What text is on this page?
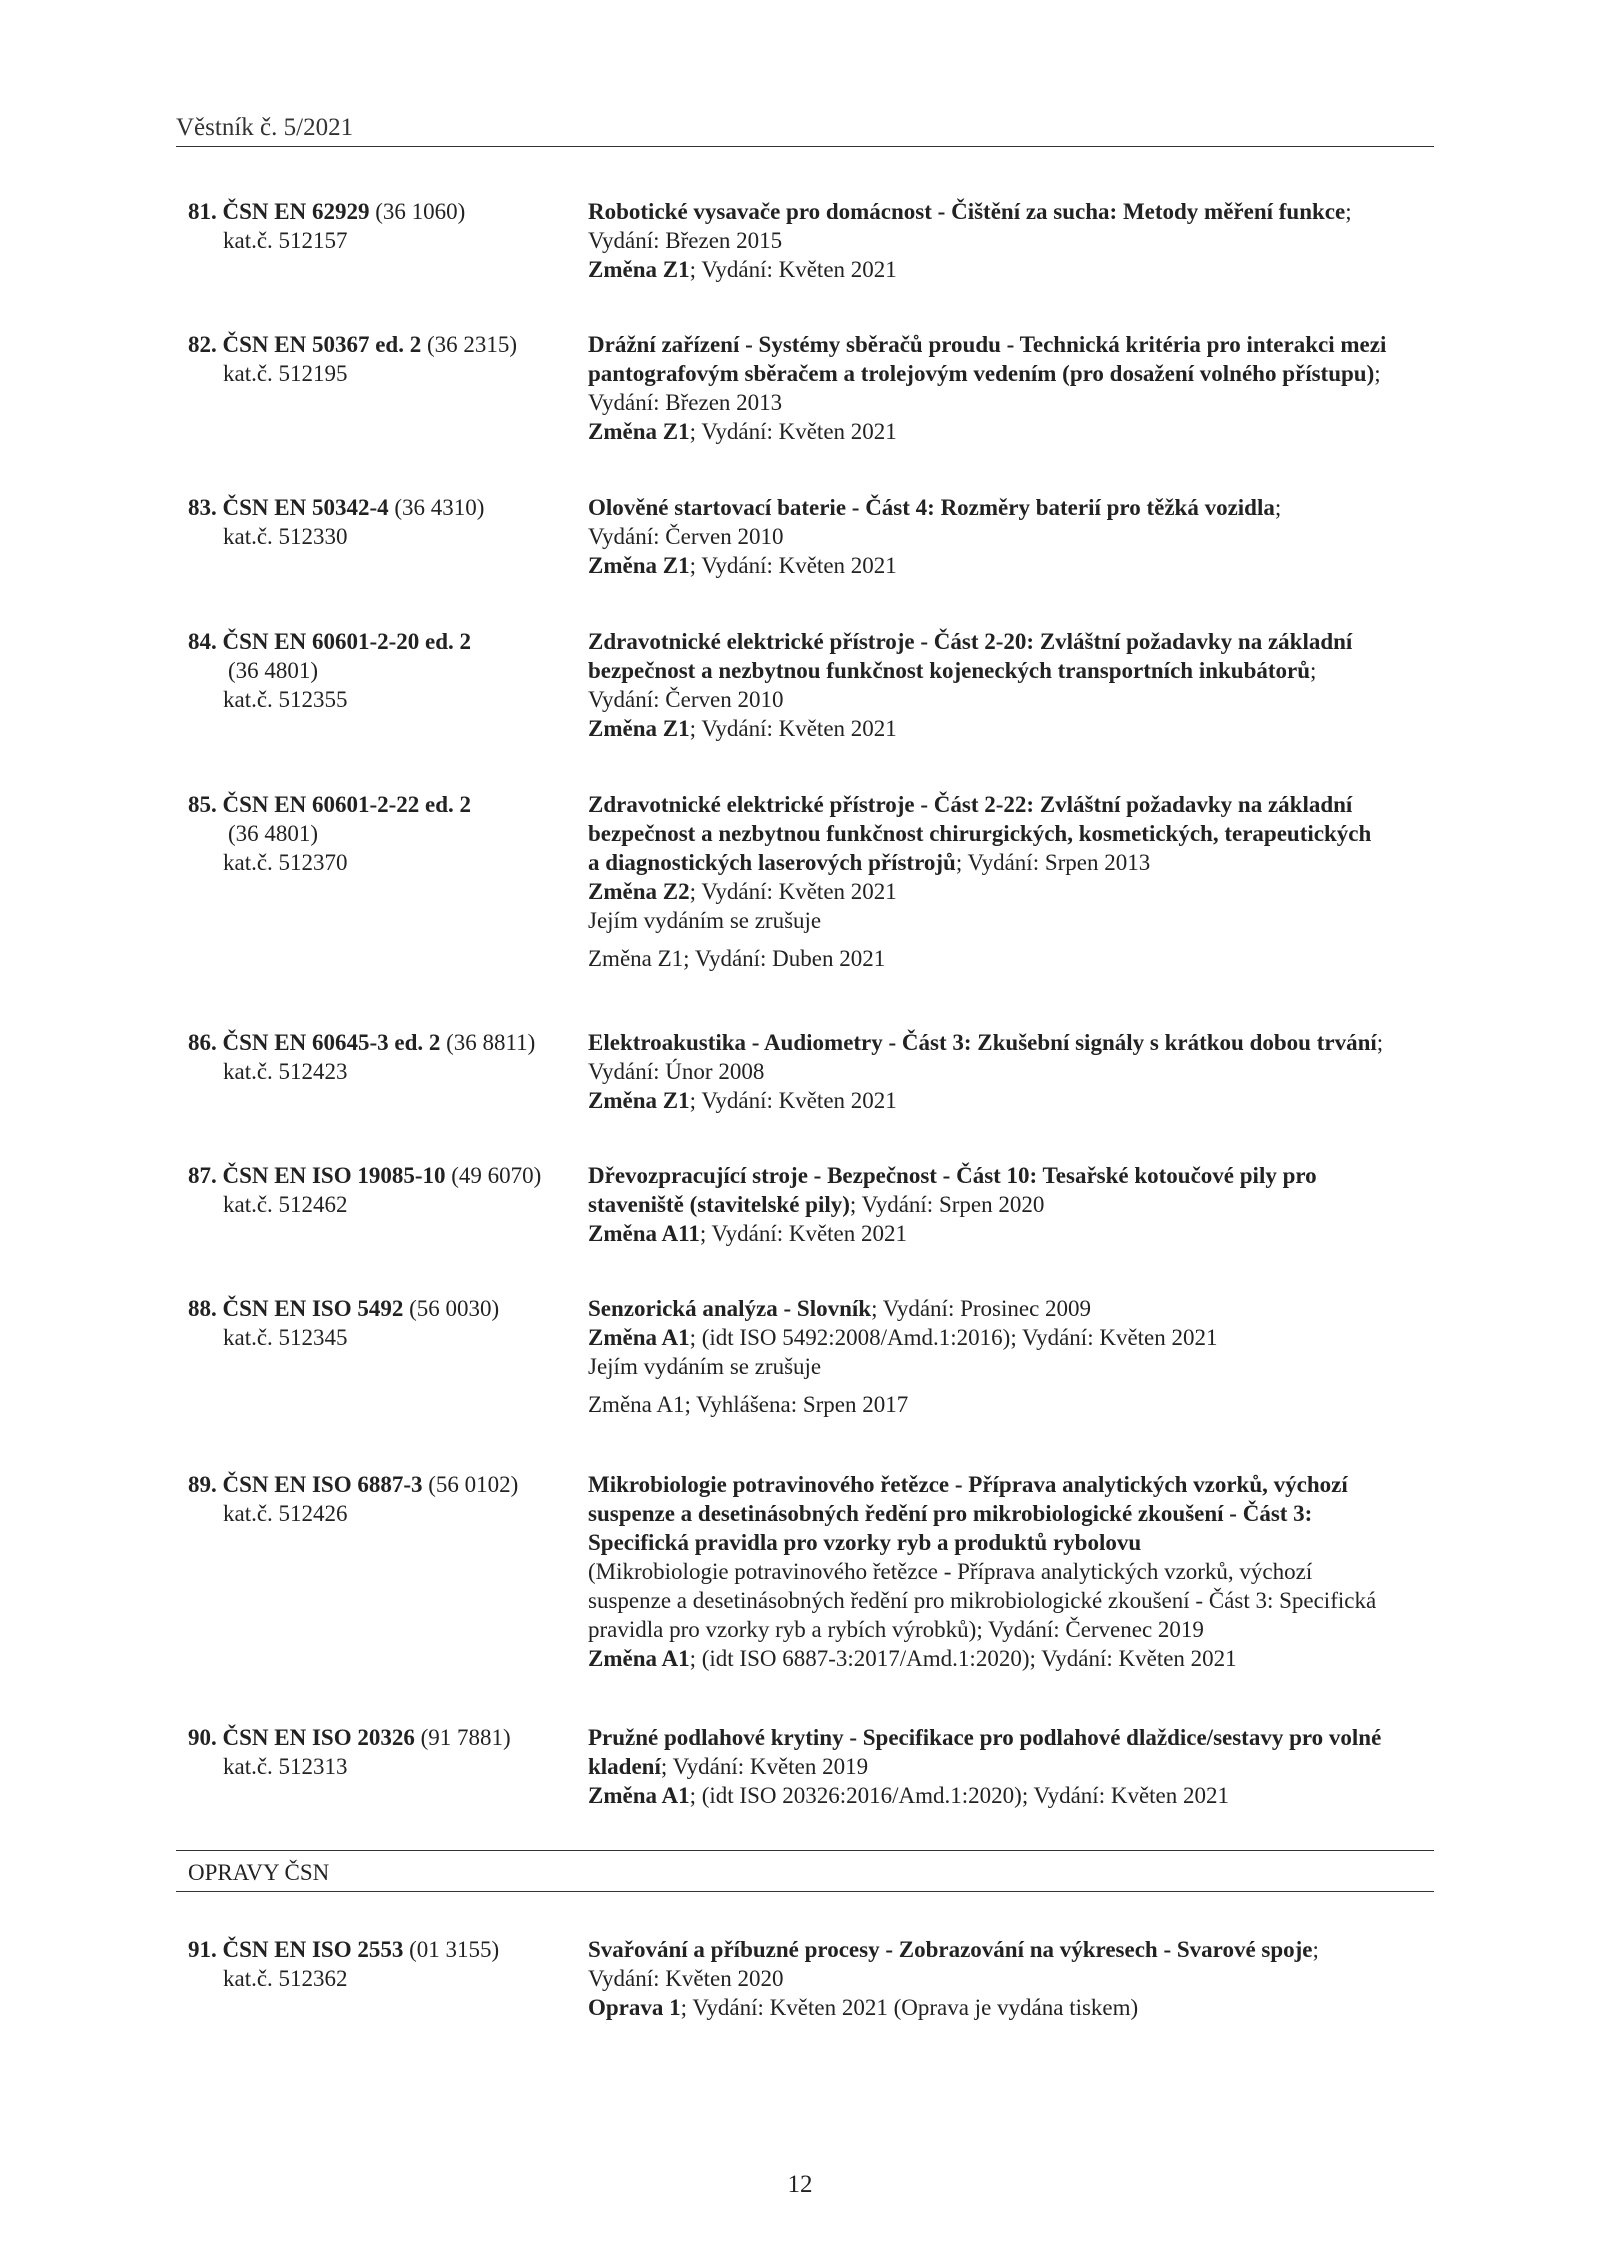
Věstník č. 5/2021
81. ČSN EN 62929 (36 1060)
kat.č. 512157
Robotické vysavače pro domácnost - Čištění za sucha: Metody měření funkce;
Vydání: Březen 2015
Změna Z1; Vydání: Květen 2021
82. ČSN EN 50367 ed. 2 (36 2315)
kat.č. 512195
Drážní zařízení - Systémy sběračů proudu - Technická kritéria pro interakci mezi
pantografovým sběračem a trolejovým vedením (pro dosažení volného přístupu);
Vydání: Březen 2013
Změna Z1; Vydání: Květen 2021
83. ČSN EN 50342-4 (36 4310)
kat.č. 512330
Olověné startovací baterie - Část 4: Rozměry baterií pro těžká vozidla;
Vydání: Červen 2010
Změna Z1; Vydání: Květen 2021
84. ČSN EN 60601-2-20 ed. 2
(36 4801)
kat.č. 512355
Zdravotnické elektrické přístroje - Část 2-20: Zvláštní požadavky na základní
bezpečnost a nezbytnou funkčnost kojeneckých transportních inkubátorů;
Vydání: Červen 2010
Změna Z1; Vydání: Květen 2021
85. ČSN EN 60601-2-22 ed. 2
(36 4801)
kat.č. 512370
Zdravotnické elektrické přístroje - Část 2-22: Zvláštní požadavky na základní
bezpečnost a nezbytnou funkčnost chirurgických, kosmetických, terapeutických
a diagnostických laserových přístrojů; Vydání: Srpen 2013
Změna Z2; Vydání: Květen 2021
Jejím vydáním se zrušuje
Změna Z1; Vydání: Duben 2021
86. ČSN EN 60645-3 ed. 2 (36 8811)
kat.č. 512423
Elektroakustika - Audiometry - Část 3: Zkušební signály s krátkou dobou trvání;
Vydání: Únor 2008
Změna Z1; Vydání: Květen 2021
87. ČSN EN ISO 19085-10 (49 6070)
kat.č. 512462
Dřevozpracující stroje - Bezpečnost - Část 10: Tesařské kotoučové pily pro
staveniště (stavitelské pily); Vydání: Srpen 2020
Změna A11; Vydání: Květen 2021
88. ČSN EN ISO 5492 (56 0030)
kat.č. 512345
Senzorická analýza - Slovník; Vydání: Prosinec 2009
Změna A1; (idt ISO 5492:2008/Amd.1:2016); Vydání: Květen 2021
Jejím vydáním se zrušuje
Změna A1; Vyhlášena: Srpen 2017
89. ČSN EN ISO 6887-3 (56 0102)
kat.č. 512426
Mikrobiologie potravinového řetězce - Příprava analytických vzorků, výchozí
suspenze a desetinásobných ředění pro mikrobiologické zkoušení - Část 3:
Specifická pravidla pro vzorky ryb a produktů rybolovu
(Mikrobiologie potravinového řetězce - Příprava analytických vzorků, výchozí
suspenze a desetinásobných ředění pro mikrobiologické zkoušení - Část 3: Specifická
pravidla pro vzorky ryb a rybích výrobků); Vydání: Červenec 2019
Změna A1; (idt ISO 6887-3:2017/Amd.1:2020); Vydání: Květen 2021
90. ČSN EN ISO 20326 (91 7881)
kat.č. 512313
Pružné podlahové krytiny - Specifikace pro podlahové dlaždice/sestavy pro volné
kladení; Vydání: Květen 2019
Změna A1; (idt ISO 20326:2016/Amd.1:2020); Vydání: Květen 2021
OPRAVY ČSN
91. ČSN EN ISO 2553 (01 3155)
kat.č. 512362
Svařování a příbuzné procesy - Zobrazování na výkresech - Svarové spoje;
Vydání: Květen 2020
Oprava 1; Vydání: Květen 2021 (Oprava je vydána tiskem)
12
